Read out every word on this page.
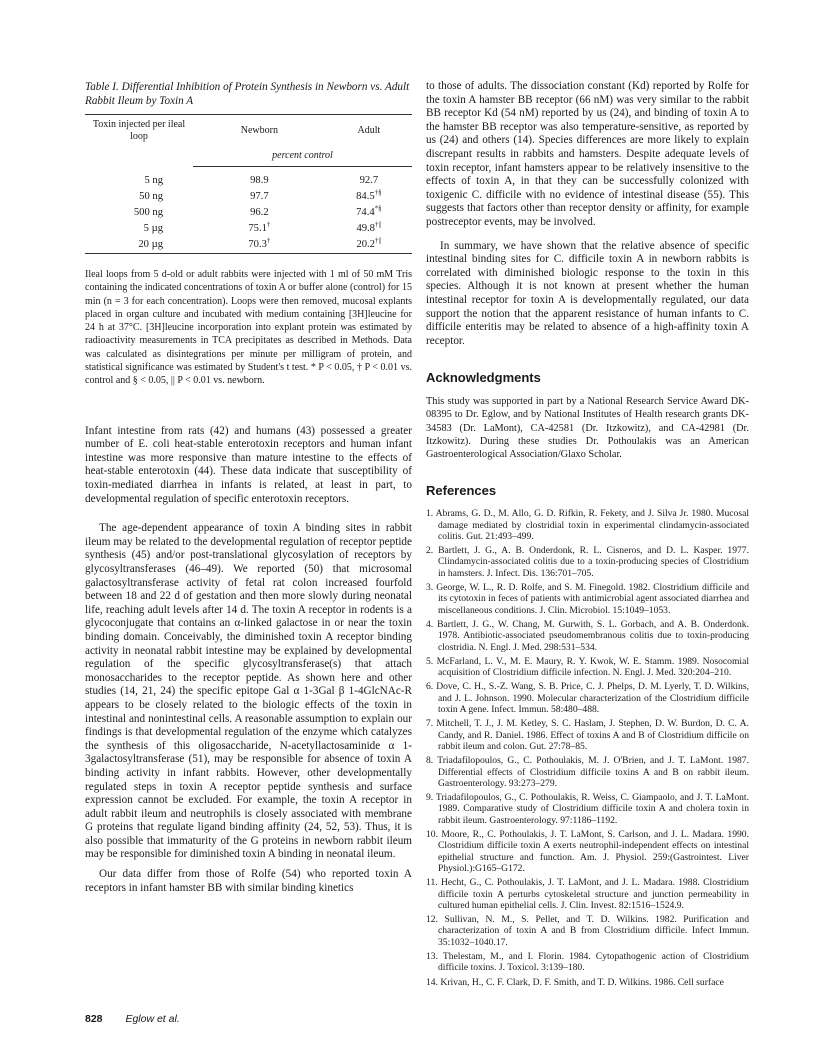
Table I. Differential Inhibition of Protein Synthesis in Newborn vs. Adult Rabbit Ileum by Toxin A
Toxin injected per ileal loop	Newborn	Adult
	percent control	

5 ng	98.9	92.7
50 ng	97.7	84.5†§
500 ng	96.2	74.4*§
5 µg	75.1†	49.8†||
20 µg	70.3†	20.2†||
Ileal loops from 5 d-old or adult rabbits were injected with 1 ml of 50 mM Tris containing the indicated concentrations of toxin A or buffer alone (control) for 15 min (n = 3 for each concentration). Loops were then removed, mucosal explants placed in organ culture and incubated with medium containing [3H]leucine for 24 h at 37°C. [3H]leucine incorporation into explant protein was estimated by radioactivity measurements in TCA precipitates as described in Methods. Data was calculated as disintegrations per minute per milligram of protein, and statistical significance was estimated by Student's t test. * P < 0.05, † P < 0.01 vs. control and § < 0.05, || P < 0.01 vs. newborn.

Infant intestine from rats (42) and humans (43) possessed a greater number of E. coli heat-stable enterotoxin receptors and human infant intestine was more responsive than mature intestine to the effects of heat-stable enterotoxin (44). These data indicate that susceptibility of toxin-mediated diarrhea in infants is related, at least in part, to developmental regulation of specific enterotoxin receptors.

The age-dependent appearance of toxin A binding sites in rabbit ileum may be related to the developmental regulation of receptor peptide synthesis (45) and/or post-translational glycosylation of receptors by glycosyltransferases (46–49). We reported (50) that microsomal galactosyltransferase activity of fetal rat colon increased fourfold between 18 and 22 d of gestation and then more slowly during neonatal life, reaching adult levels after 14 d. The toxin A receptor in rodents is a glycoconjugate that contains an α-linked galactose in or near the toxin binding domain. Conceivably, the diminished toxin A receptor binding activity in neonatal rabbit intestine may be explained by developmental regulation of the specific glycosyltransferase(s) that attach monosaccharides to the receptor peptide. As shown here and other studies (14, 21, 24) the specific epitope Gal α 1-3Gal β 1-4GlcNAc-R appears to be closely related to the biologic effects of the toxin in intestinal and nonintestinal cells. A reasonable assumption to explain our findings is that developmental regulation of the enzyme which catalyzes the synthesis of this oligosaccharide, N-acetyllactosaminide α 1-3galactosyltransferase (51), may be responsible for absence of toxin A binding activity in infant rabbits. However, other developmentally regulated steps in toxin A receptor peptide synthesis and surface expression cannot be excluded. For example, the toxin A receptor in adult rabbit ileum and neutrophils is closely associated with membrane G proteins that regulate ligand binding affinity (24, 52, 53). Thus, it is also possible that immaturity of the G proteins in newborn rabbit ileum may be responsible for diminished toxin A binding in neonatal ileum.

Our data differ from those of Rolfe (54) who reported toxin A receptors in infant hamster BB with similar binding kinetics

to those of adults. The dissociation constant (Kd) reported by Rolfe for the toxin A hamster BB receptor (66 nM) was very similar to the rabbit BB receptor Kd (54 nM) reported by us (24), and binding of toxin A to the hamster BB receptor was also temperature-sensitive, as reported by us (24) and others (14). Species differences are more likely to explain discrepant results in rabbits and hamsters. Despite adequate levels of toxin receptor, infant hamsters appear to be relatively insensitive to the effects of toxin A, in that they can be successfully colonized with toxigenic C. difficile with no evidence of intestinal disease (55). This suggests that factors other than receptor density or affinity, for example postreceptor events, may be involved.

In summary, we have shown that the relative absence of specific intestinal binding sites for C. difficile toxin A in newborn rabbits is correlated with diminished biologic response to the toxin in this species. Although it is not known at present whether the human intestinal receptor for toxin A is developmentally regulated, our data support the notion that the apparent resistance of human infants to C. difficile enteritis may be related to absence of a high-affinity toxin A receptor.

Acknowledgments
This study was supported in part by a National Research Service Award DK-08395 to Dr. Eglow, and by National Institutes of Health research grants DK-34583 (Dr. LaMont), CA-42581 (Dr. Itzkowitz), and CA-42981 (Dr. Itzkowitz). During these studies Dr. Pothoulakis was an American Gastroenterological Association/Glaxo Scholar.
References
1. Abrams, G. D., M. Allo, G. D. Rifkin, R. Fekety, and J. Silva Jr. 1980. Mucosal damage mediated by clostridial toxin in experimental clindamycin-associated colitis. Gut. 21:493–499.
2. Bartlett, J. G., A. B. Onderdonk, R. L. Cisneros, and D. L. Kasper. 1977. Clindamycin-associated colitis due to a toxin-producing species of Clostridium in hamsters. J. Infect. Dis. 136:701–705.
3. George, W. L., R. D. Rolfe, and S. M. Finegold. 1982. Clostridium difficile and its cytotoxin in feces of patients with antimicrobial agent associated diarrhea and miscellaneous conditions. J. Clin. Microbiol. 15:1049–1053.
4. Bartlett, J. G., W. Chang, M. Gurwith, S. L. Gorbach, and A. B. Onderdonk. 1978. Antibiotic-associated pseudomembranous colitis due to toxin-producing clostridia. N. Engl. J. Med. 298:531–534.
5. McFarland, L. V., M. E. Maury, R. Y. Kwok, W. E. Stamm. 1989. Nosocomial acquisition of Clostridium difficile infection. N. Engl. J. Med. 320:204–210.
6. Dove, C. H., S.-Z. Wang, S. B. Price, C. J. Phelps, D. M. Lyerly, T. D. Wilkins, and J. L. Johnson. 1990. Molecular characterization of the Clostridium difficile toxin A gene. Infect. Immun. 58:480–488.
7. Mitchell, T. J., J. M. Ketley, S. C. Haslam, J. Stephen, D. W. Burdon, D. C. A. Candy, and R. Daniel. 1986. Effect of toxins A and B of Clostridium difficile on rabbit ileum and colon. Gut. 27:78–85.
8. Triadafilopoulos, G., C. Pothoulakis, M. J. O'Brien, and J. T. LaMont. 1987. Differential effects of Clostridium difficile toxins A and B on rabbit ileum. Gastroenterology. 93:273–279.
9. Triadafilopoulos, G., C. Pothoulakis, R. Weiss, C. Giampaolo, and J. T. LaMont. 1989. Comparative study of Clostridium difficile toxin A and cholera toxin in rabbit ileum. Gastroenterology. 97:1186–1192.
10. Moore, R., C. Pothoulakis, J. T. LaMont, S. Carlson, and J. L. Madara. 1990. Clostridium difficile toxin A exerts neutrophil-independent effects on intestinal epithelial structure and function. Am. J. Physiol. 259:(Gastrointest. Liver Physiol.):G165–G172.
11. Hecht, G., C. Pothoulakis, J. T. LaMont, and J. L. Madara. 1988. Clostridium difficile toxin A perturbs cytoskeletal structure and junction permeability in cultured human epithelial cells. J. Clin. Invest. 82:1516–1524.9.
12. Sullivan, N. M., S. Pellet, and T. D. Wilkins. 1982. Purification and characterization of toxin A and B from Clostridium difficile. Infect Immun. 35:1032–1040.17.
13. Thelestam, M., and I. Florin. 1984. Cytopathogenic action of Clostridium difficile toxins. J. Toxicol. 3:139–180.
14. Krivan, H., C. F. Clark, D. F. Smith, and T. D. Wilkins. 1986. Cell surface
828 Eglow et al.
